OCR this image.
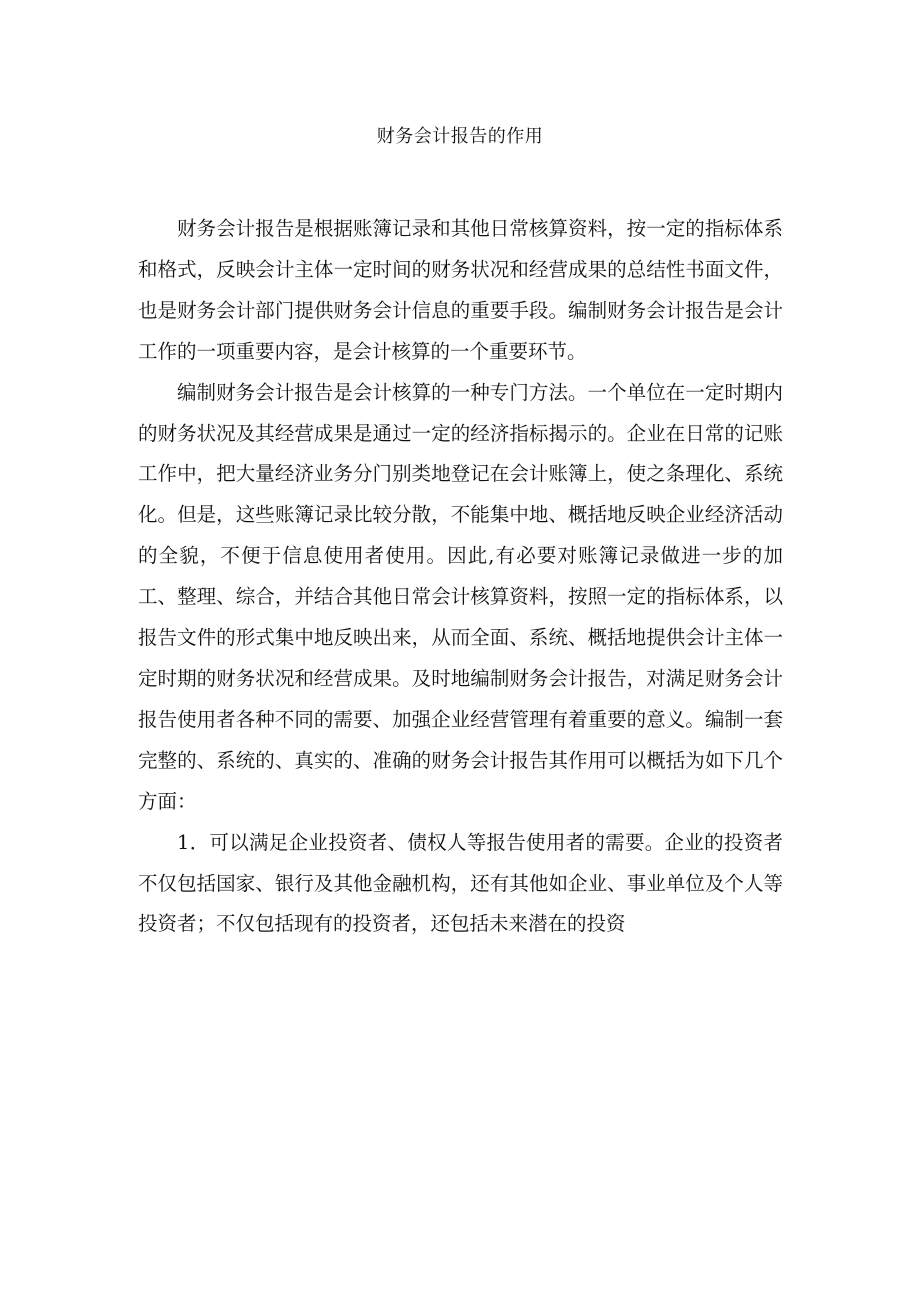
财务会计报告的作用

财务会计报告是根据账簿记录和其他日常核算资料，按一定的指标体系和格式，反映会计主体一定时间的财务状况和经营成果的总结性书面文件，也是财务会计部门提供财务会计信息的重要手段。编制财务会计报告是会计工作的一项重要内容，是会计核算的一个重要环节。

编制财务会计报告是会计核算的一种专门方法。一个单位在一定时期内的财务状况及其经营成果是通过一定的经济指标揭示的。企业在日常的记账工作中，把大量经济业务分门别类地登记在会计账簿上，使之条理化、系统化。但是，这些账簿记录比较分散，不能集中地、概括地反映企业经济活动的全貌，不便于信息使用者使用。因此,有必要对账簿记录做进一步的加工、整理、综合，并结合其他日常会计核算资料，按照一定的指标体系，以报告文件的形式集中地反映出来，从而全面、系统、概括地提供会计主体一定时期的财务状况和经营成果。及时地编制财务会计报告，对满足财务会计报告使用者各种不同的需要、加强企业经营管理有着重要的意义。编制一套完整的、系统的、真实的、准确的财务会计报告其作用可以概括为如下几个方面：

1．可以满足企业投资者、债权人等报告使用者的需要。企业的投资者不仅包括国家、银行及其他金融机构，还有其他如企业、事业单位及个人等投资者；不仅包括现有的投资者，还包括未来潜在的投资
